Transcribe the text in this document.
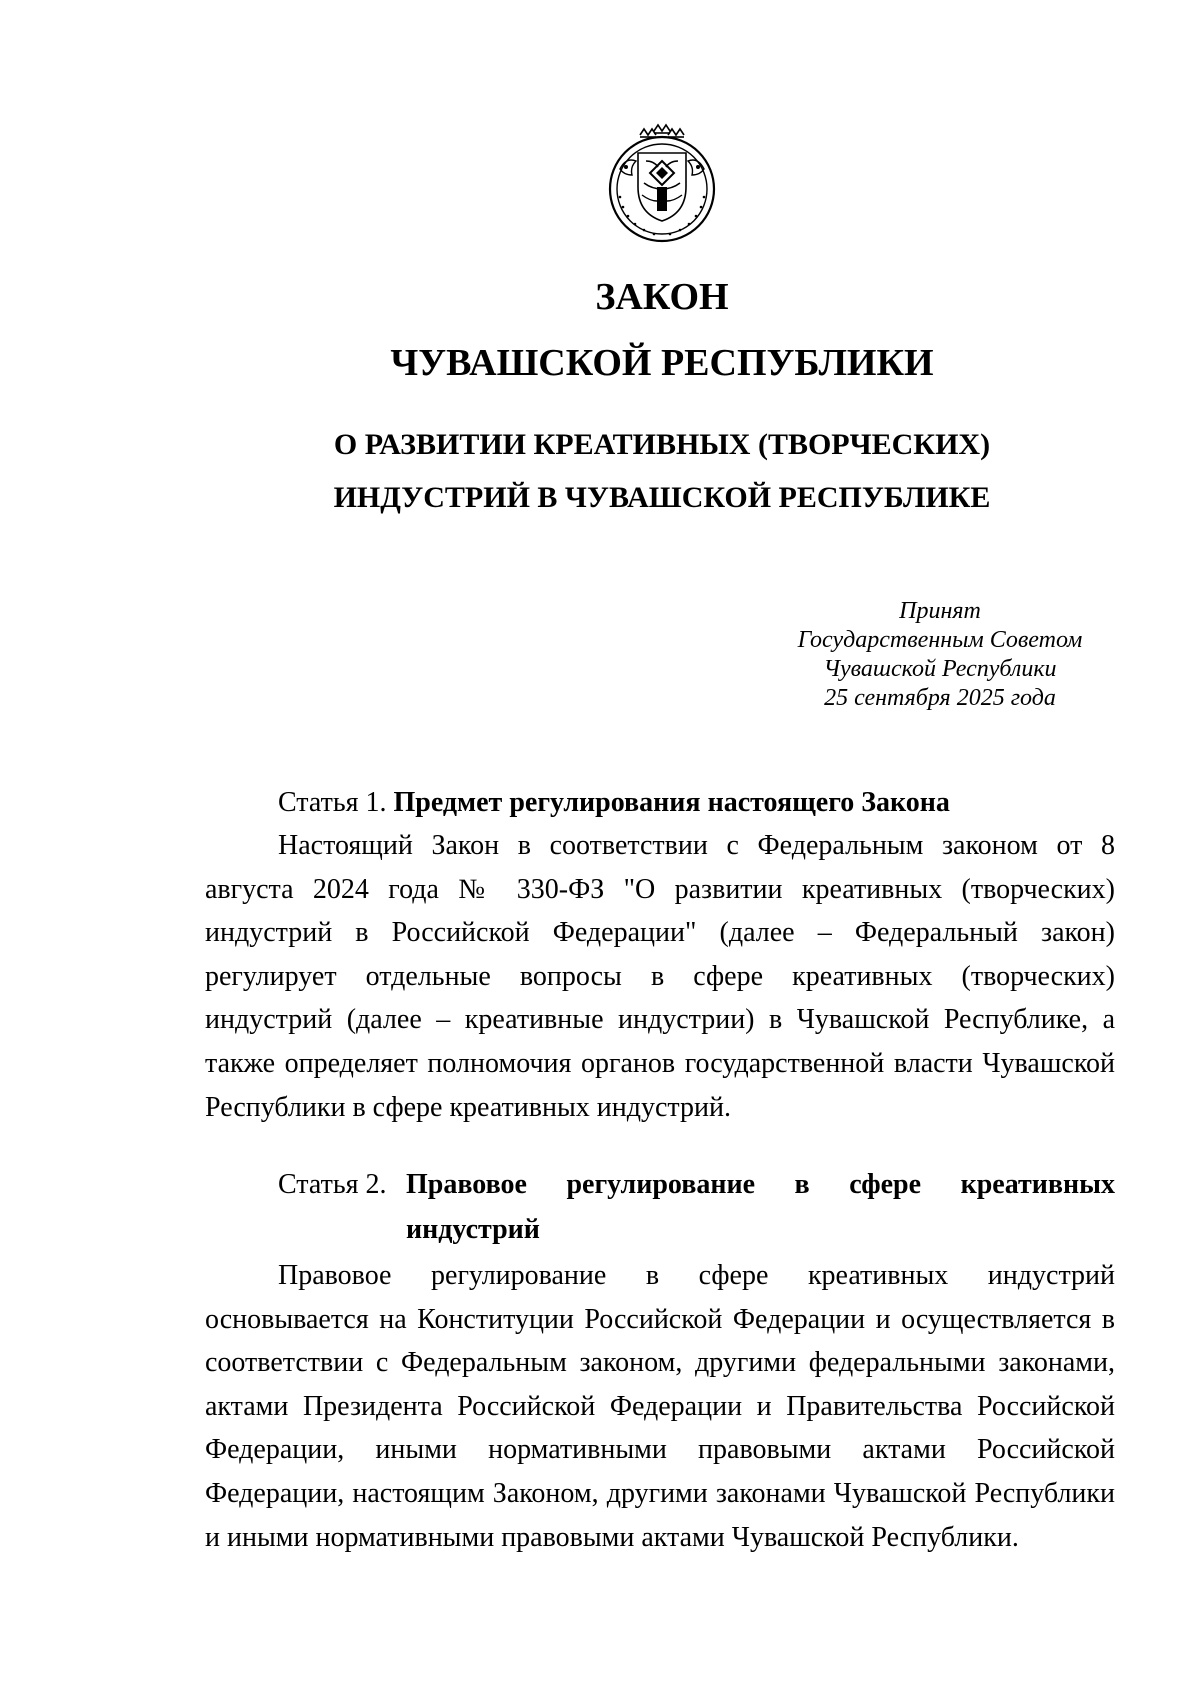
ЗАКОН
ЧУВАШСКОЙ РЕСПУБЛИКИ
О РАЗВИТИИ КРЕАТИВНЫХ (ТВОРЧЕСКИХ)
ИНДУСТРИЙ В ЧУВАШСКОЙ РЕСПУБЛИКЕ
Принят
Государственным Советом
Чувашской Республики
25 сентября 2025 года
Статья 1. Предмет регулирования настоящего Закона

Настоящий Закон в соответствии с Федеральным законом от 8 августа 2024 года № 330-ФЗ "О развитии креативных (творческих) индустрий в Российской Федерации" (далее – Федеральный закон) регулирует отдельные вопросы в сфере креативных (творческих) индустрий (далее – креативные индустрии) в Чувашской Республике, а также определяет полномочия органов государственной власти Чувашской Республики в сфере креативных индустрий.

Статья 2. Правовое регулирование в сфере креативных индустрий

Правовое регулирование в сфере креативных индустрий основывается на Конституции Российской Федерации и осуществляется в соответствии с Федеральным законом, другими федеральными законами, актами Президента Российской Федерации и Правительства Российской Федерации, иными нормативными правовыми актами Российской Федерации, настоящим Законом, другими законами Чувашской Республики и иными нормативными правовыми актами Чувашской Республики.
